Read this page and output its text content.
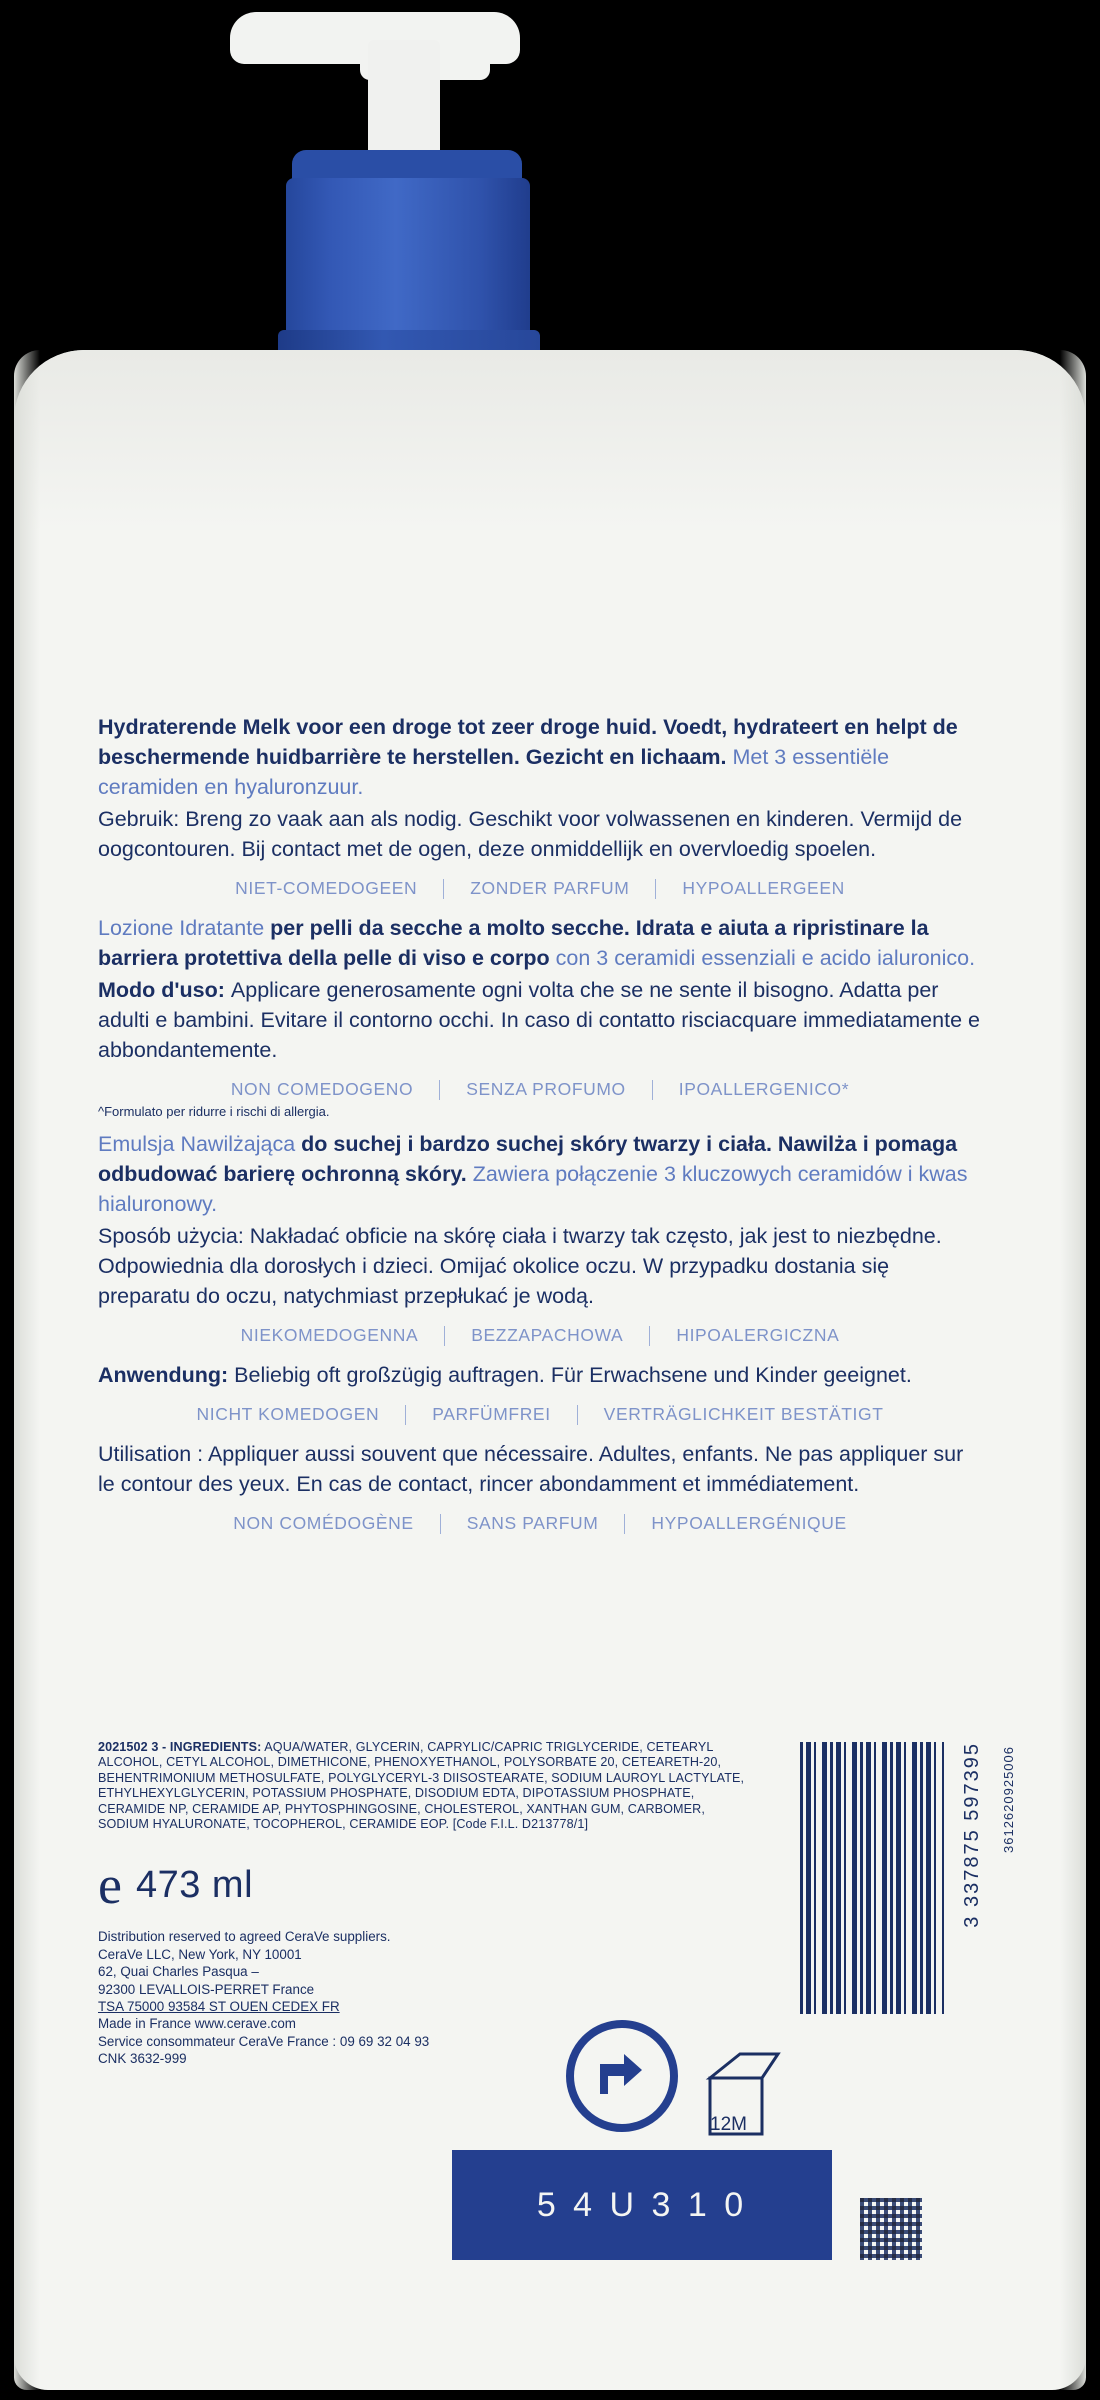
Hydraterende Melk voor een droge tot zeer droge huid. Voedt, hydrateert en helpt de beschermende huidbarrière te herstellen. Gezicht en lichaam. Met 3 essentiële ceramiden en hyaluronzuur.

Gebruik: Breng zo vaak aan als nodig. Geschikt voor volwassenen en kinderen. Vermijd de oogcontouren. Bij contact met de ogen, deze onmiddellijk en overvloedig spoelen.

NIET-COMEDOGEEN	ZONDER PARFUM	HYPOALLERGEEN

Lozione Idratante per pelli da secche a molto secche. Idrata e aiuta a ripristinare la barriera protettiva della pelle di viso e corpo con 3 ceramidi essenziali e acido ialuronico.

Modo d'uso: Applicare generosamente ogni volta che se ne sente il bisogno. Adatta per adulti e bambini. Evitare il contorno occhi. In caso di contatto risciacquare immediatamente e abbondantemente.

NON COMEDOGENO	SENZA PROFUMO	IPOALLERGENICO*
^Formulato per ridurre i rischi di allergia.

Emulsja Nawilżająca do suchej i bardzo suchej skóry twarzy i ciała. Nawilża i pomaga odbudować barierę ochronną skóry. Zawiera połączenie 3 kluczowych ceramidów i kwas hialuronowy.

Sposób użycia: Nakładać obficie na skórę ciała i twarzy tak często, jak jest to niezbędne. Odpowiednia dla dorosłych i dzieci. Omijać okolice oczu. W przypadku dostania się preparatu do oczu, natychmiast przepłukać je wodą.

NIEKOMEDOGENNA	BEZZAPACHOWA	HIPOALERGICZNA

Anwendung: Beliebig oft großzügig auftragen. Für Erwachsene und Kinder geeignet.

NICHT KOMEDOGEN	PARFÜMFREI	VERTRÄGLICHKEIT BESTÄTIGT

Utilisation : Appliquer aussi souvent que nécessaire. Adultes, enfants. Ne pas appliquer sur le contour des yeux. En cas de contact, rincer abondamment et immédiatement.

NON COMÉDOGÈNE	SANS PARFUM	HYPOALLERGÉNIQUE
2021502 3 - INGREDIENTS: AQUA/WATER, GLYCERIN, CAPRYLIC/CAPRIC TRIGLYCERIDE, CETEARYL ALCOHOL, CETYL ALCOHOL, DIMETHICONE, PHENOXYETHANOL, POLYSORBATE 20, CETEARETH-20, BEHENTRIMONIUM METHOSULFATE, POLYGLYCERYL-3 DIISOSTEARATE, SODIUM LAUROYL LACTYLATE, ETHYLHEXYLGLYCERIN, POTASSIUM PHOSPHATE, DISODIUM EDTA, DIPOTASSIUM PHOSPHATE, CERAMIDE NP, CERAMIDE AP, PHYTOSPHINGOSINE, CHOLESTEROL, XANTHAN GUM, CARBOMER, SODIUM HYALURONATE, TOCOPHEROL, CERAMIDE EOP. [Code F.I.L. D213778/1]
e 473 ml
Distribution reserved to agreed CeraVe suppliers.
CeraVe LLC, New York, NY 10001
62, Quai Charles Pasqua –
92300 LEVALLOIS-PERRET France
TSA 75000 93584 ST OUEN CEDEX FR
Made in France www.cerave.com
Service consommateur CeraVe France : 09 69 32 04 93
CNK 3632-999
3 337875 597395 3612620925006
12M
5 4 U 3 1 0
